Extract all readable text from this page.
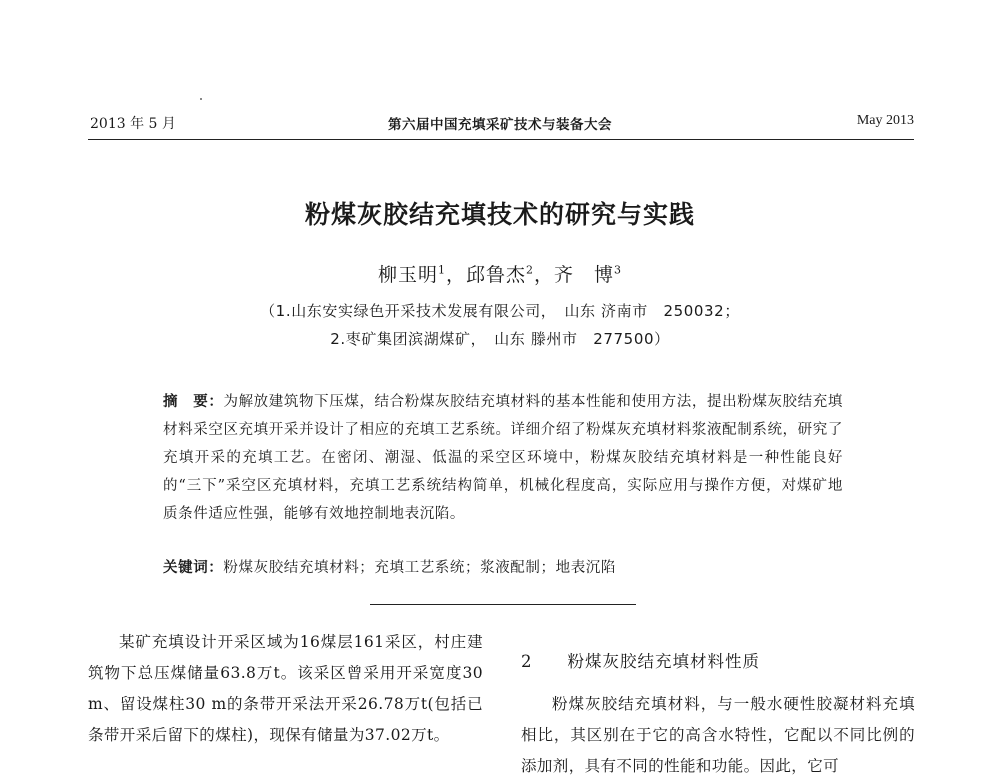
2013 年 5 月	第六届中国充填采矿技术与装备大会	May 2013
粉煤灰胶结充填技术的研究与实践
柳玉明$^1$，邱鲁杰$^2$，齐　博$^3$
（1.山东安实绿色开采技术发展有限公司，　山东 济南市　250032；
2.枣矿集团滨湖煤矿，　山东 滕州市　277500）
摘　要：为解放建筑物下压煤，结合粉煤灰胶结充填材料的基本性能和使用方法，提出粉煤灰胶结充填材料采空区充填开采并设计了相应的充填工艺系统。详细介绍了粉煤灰充填材料浆液配制系统，研究了充填开采的充填工艺。在密闭、潮湿、低温的采空区环境中，粉煤灰胶结充填材料是一种性能良好的“三下”采空区充填材料，充填工艺系统结构简单，机械化程度高，实际应用与操作方便，对煤矿地质条件适应性强，能够有效地控制地表沉陷。
关键词：粉煤灰胶结充填材料；充填工艺系统；浆液配制；地表沉陷

某矿充填设计开采区域为16煤层161采区，村庄建筑物下总压煤储量63.8万t。该采区曾采用开采宽度30 m、留设煤柱30 m的条带开采法开采26.78万t(包括已条带开采后留下的煤柱)，现保有储量为37.02万t。

2　　 粉煤灰胶结充填材料性质

粉煤灰胶结充填材料，与一般水硬性胶凝材料充填相比，其区别在于它的高含水特性，它配以不同比例的添加剂，具有不同的性能和功能。因此，它可
